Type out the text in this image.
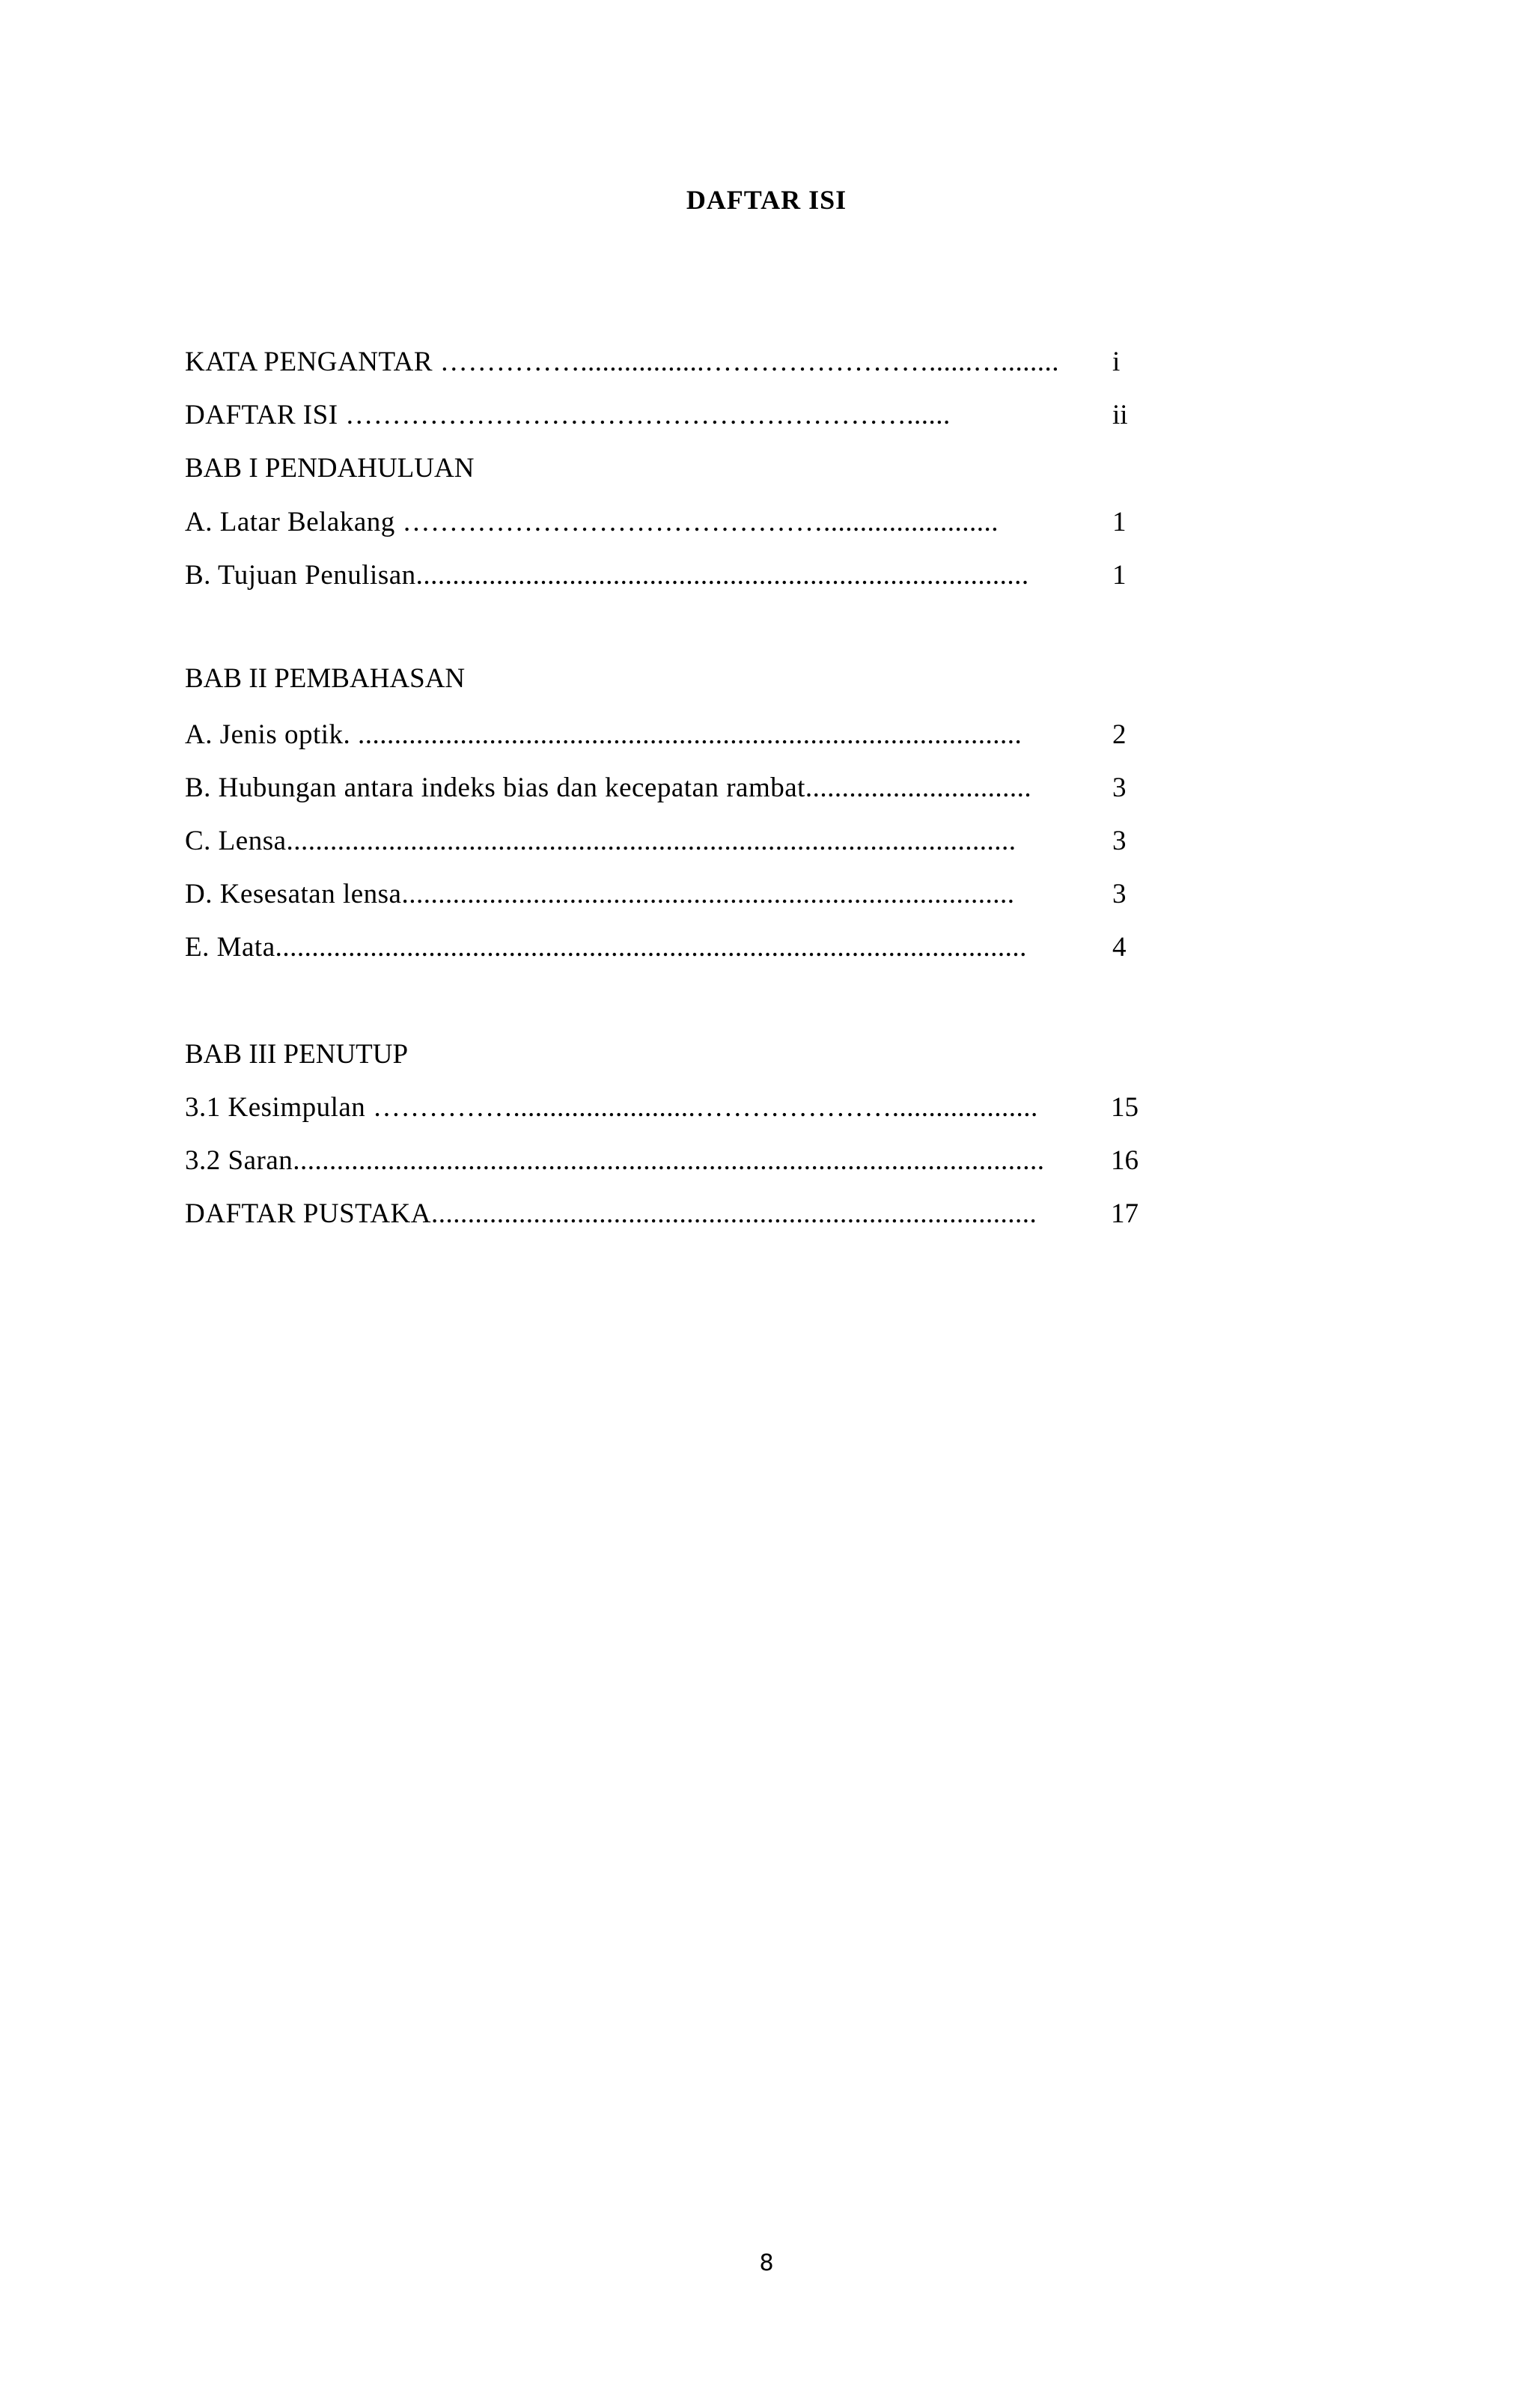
DAFTAR ISI
KATA PENGANTAR …………….................……………………......…........	i
DAFTAR ISI ……………………………………………………......	ii
BAB I PENDAHULUAN
A. Latar Belakang ………………………………………........................	1
B. Tujuan Penulisan....................................................................................	1
BAB II PEMBAHASAN
A. Jenis optik. ...........................................................................................	2
B. Hubungan antara indeks bias dan kecepatan rambat...............................	3
C. Lensa....................................................................................................	3
D. Kesesatan lensa....................................................................................	3
E. Mata.......................................................................................................	4
BAB III PENUTUP
3.1 Kesimpulan …………….........................…………………....................	15
3.2 Saran.......................................................................................................	16
DAFTAR PUSTAKA...................................................................................	17
8
